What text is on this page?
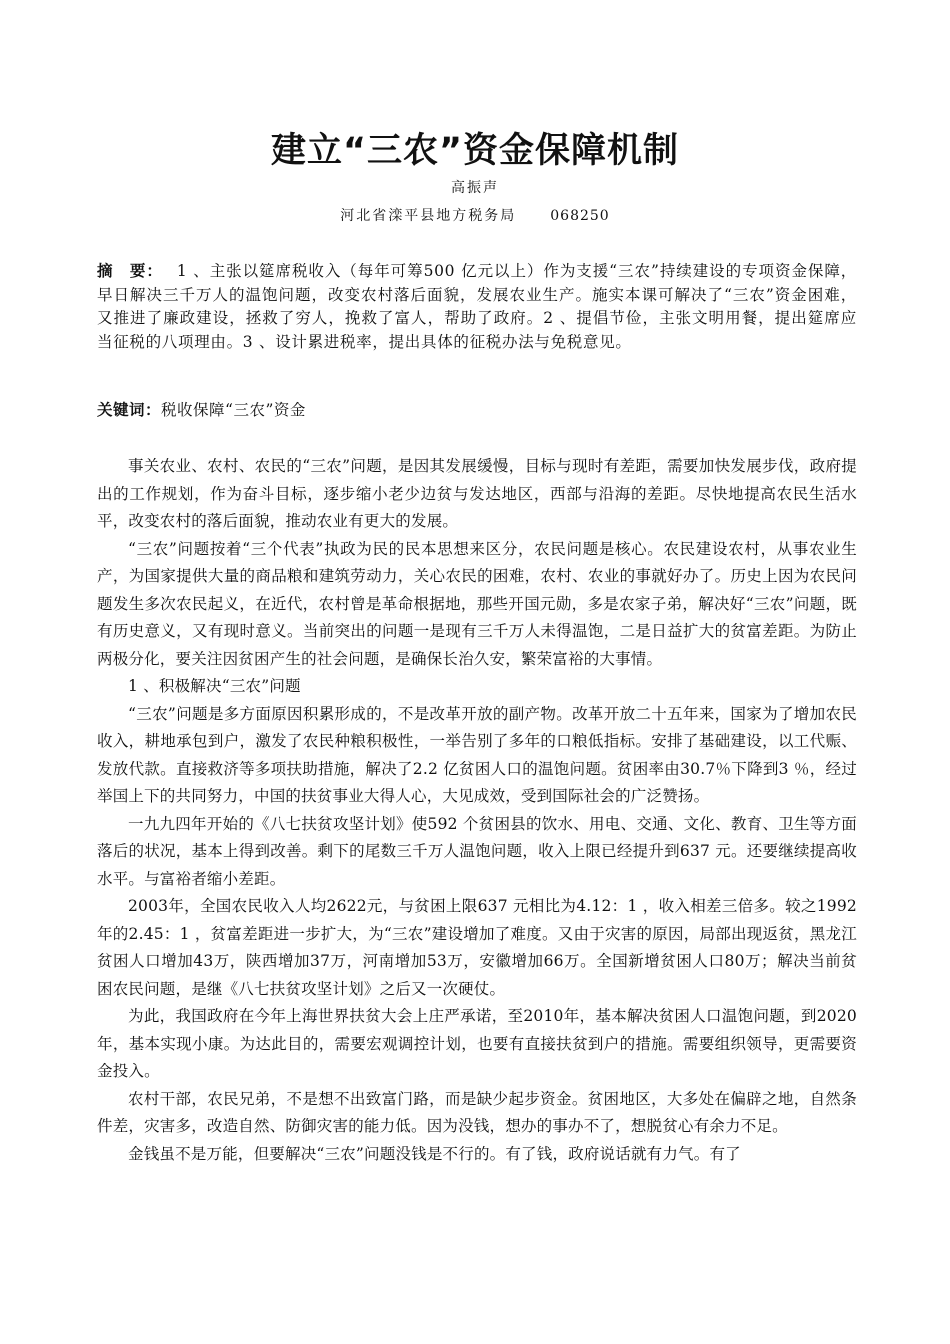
建立“三农”资金保障机制
高振声
河北省滦平县地方税务局 068250
摘　要： 1 、主张以筵席税收入（每年可筹500 亿元以上）作为支援“三农”持续建设的专项资金保障，早日解决三千万人的温饱问题，改变农村落后面貌，发展农业生产。施实本课可解决了“三农”资金困难，又推进了廉政建设，拯救了穷人，挽救了富人，帮助了政府。2 、提倡节俭，主张文明用餐，提出筵席应当征税的八项理由。3 、设计累进税率，提出具体的征税办法与免税意见。
关键词：税收保障“三农”资金

事关农业、农村、农民的“三农”问题，是因其发展缓慢，目标与现时有差距，需要加快发展步伐，政府提出的工作规划，作为奋斗目标，逐步缩小老少边贫与发达地区，西部与沿海的差距。尽快地提高农民生活水平，改变农村的落后面貌，推动农业有更大的发展。

“三农”问题按着“三个代表”执政为民的民本思想来区分，农民问题是核心。农民建设农村，从事农业生产，为国家提供大量的商品粮和建筑劳动力，关心农民的困难，农村、农业的事就好办了。历史上因为农民问题发生多次农民起义，在近代，农村曾是革命根据地，那些开国元勋，多是农家子弟，解决好“三农”问题，既有历史意义，又有现时意义。当前突出的问题一是现有三千万人未得温饱，二是日益扩大的贫富差距。为防止两极分化，要关注因贫困产生的社会问题，是确保长治久安，繁荣富裕的大事情。

1 、积极解决“三农”问题

“三农”问题是多方面原因积累形成的，不是改革开放的副产物。改革开放二十五年来，国家为了增加农民收入，耕地承包到户，激发了农民种粮积极性，一举告别了多年的口粮低指标。安排了基础建设，以工代赈、发放代款。直接救济等多项扶助措施，解决了2.2 亿贫困人口的温饱问题。贫困率由30.7％下降到3 ％，经过举国上下的共同努力，中国的扶贫事业大得人心，大见成效，受到国际社会的广泛赞扬。

一九九四年开始的《八七扶贫攻坚计划》使592 个贫困县的饮水、用电、交通、文化、教育、卫生等方面落后的状况，基本上得到改善。剩下的尾数三千万人温饱问题，收入上限已经提升到637 元。还要继续提高收水平。与富裕者缩小差距。

2003年，全国农民收入人均2622元，与贫困上限637 元相比为4.12：1 ，收入相差三倍多。较之1992年的2.45：1 ，贫富差距进一步扩大，为“三农”建设增加了难度。又由于灾害的原因，局部出现返贫，黑龙江贫困人口增加43万，陕西增加37万，河南增加53万，安徽增加66万。全国新增贫困人口80万；解决当前贫困农民问题，是继《八七扶贫攻坚计划》之后又一次硬仗。

为此，我国政府在今年上海世界扶贫大会上庄严承诺，至2010年，基本解决贫困人口温饱问题，到2020年，基本实现小康。为达此目的，需要宏观调控计划，也要有直接扶贫到户的措施。需要组织领导，更需要资金投入。

农村干部，农民兄弟，不是想不出致富门路，而是缺少起步资金。贫困地区，大多处在偏辟之地，自然条件差，灾害多，改造自然、防御灾害的能力低。因为没钱，想办的事办不了，想脱贫心有余力不足。

金钱虽不是万能，但要解决“三农”问题没钱是不行的。有了钱，政府说话就有力气。有了
